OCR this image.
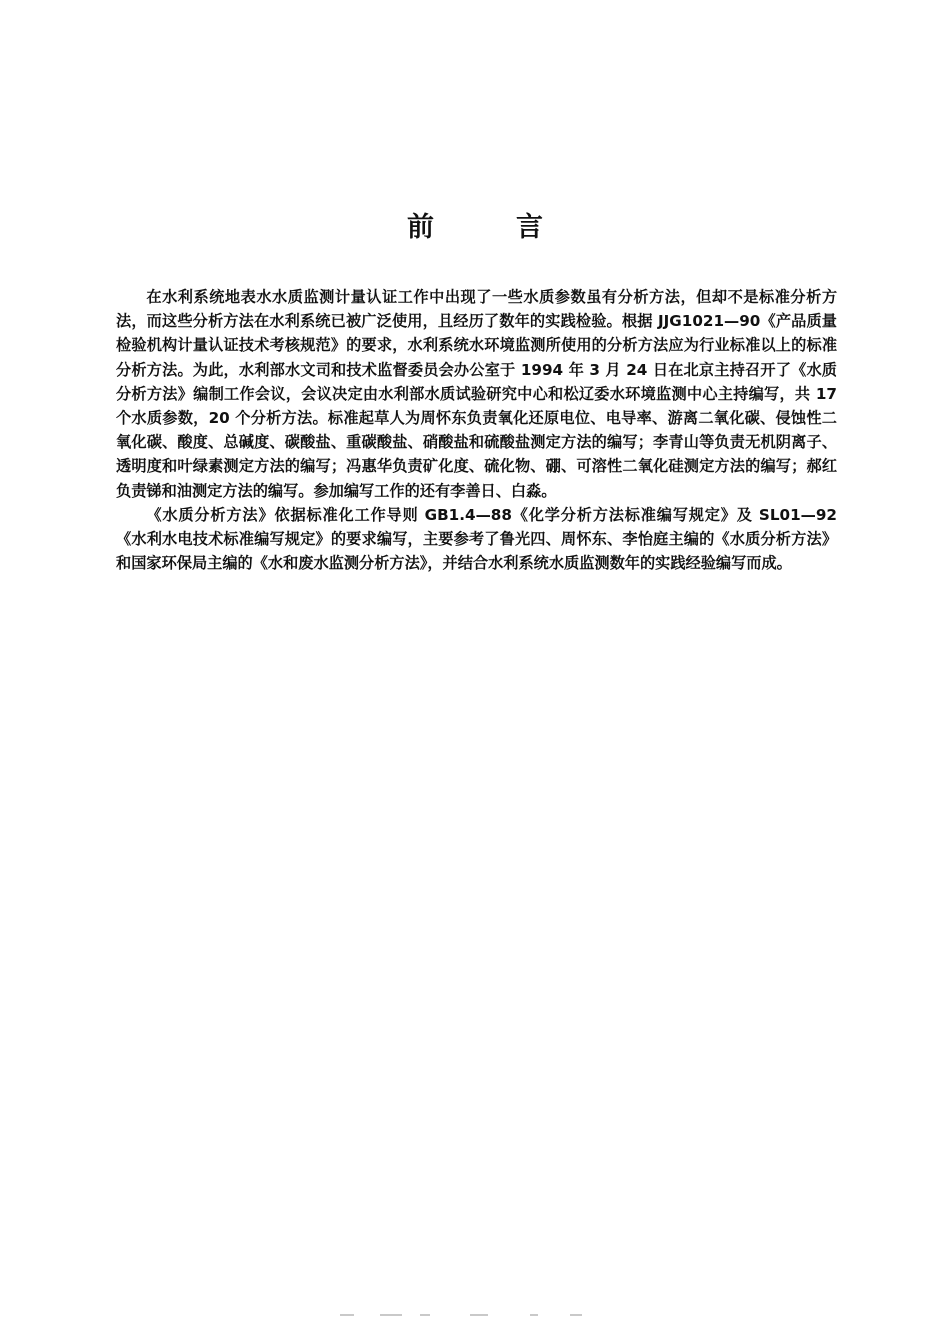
前	言

在水利系统地表水水质监测计量认证工作中出现了一些水质参数虽有分析方法，但却不是标准分析方法，而这些分析方法在水利系统已被广泛使用，且经历了数年的实践检验。根据 JJG1021—90《产品质量检验机构计量认证技术考核规范》的要求，水利系统水环境监测所使用的分析方法应为行业标准以上的标准分析方法。为此，水利部水文司和技术监督委员会办公室于 1994 年 3 月 24 日在北京主持召开了《水质分析方法》编制工作会议，会议决定由水利部水质试验研究中心和松辽委水环境监测中心主持编写，共 17 个水质参数，20 个分析方法。标准起草人为周怀东负责氧化还原电位、电导率、游离二氧化碳、侵蚀性二氧化碳、酸度、总碱度、碳酸盐、重碳酸盐、硝酸盐和硫酸盐测定方法的编写；李青山等负责无机阴离子、透明度和叶绿素测定方法的编写；冯惠华负责矿化度、硫化物、硼、可溶性二氧化硅测定方法的编写；郝红负责锑和油测定方法的编写。参加编写工作的还有李善日、白淼。

《水质分析方法》依据标准化工作导则 GB1.4—88《化学分析方法标准编写规定》及 SL01—92《水利水电技术标准编写规定》的要求编写，主要参考了鲁光四、周怀东、李怡庭主编的《水质分析方法》和国家环保局主编的《水和废水监测分析方法》，并结合水利系统水质监测数年的实践经验编写而成。
